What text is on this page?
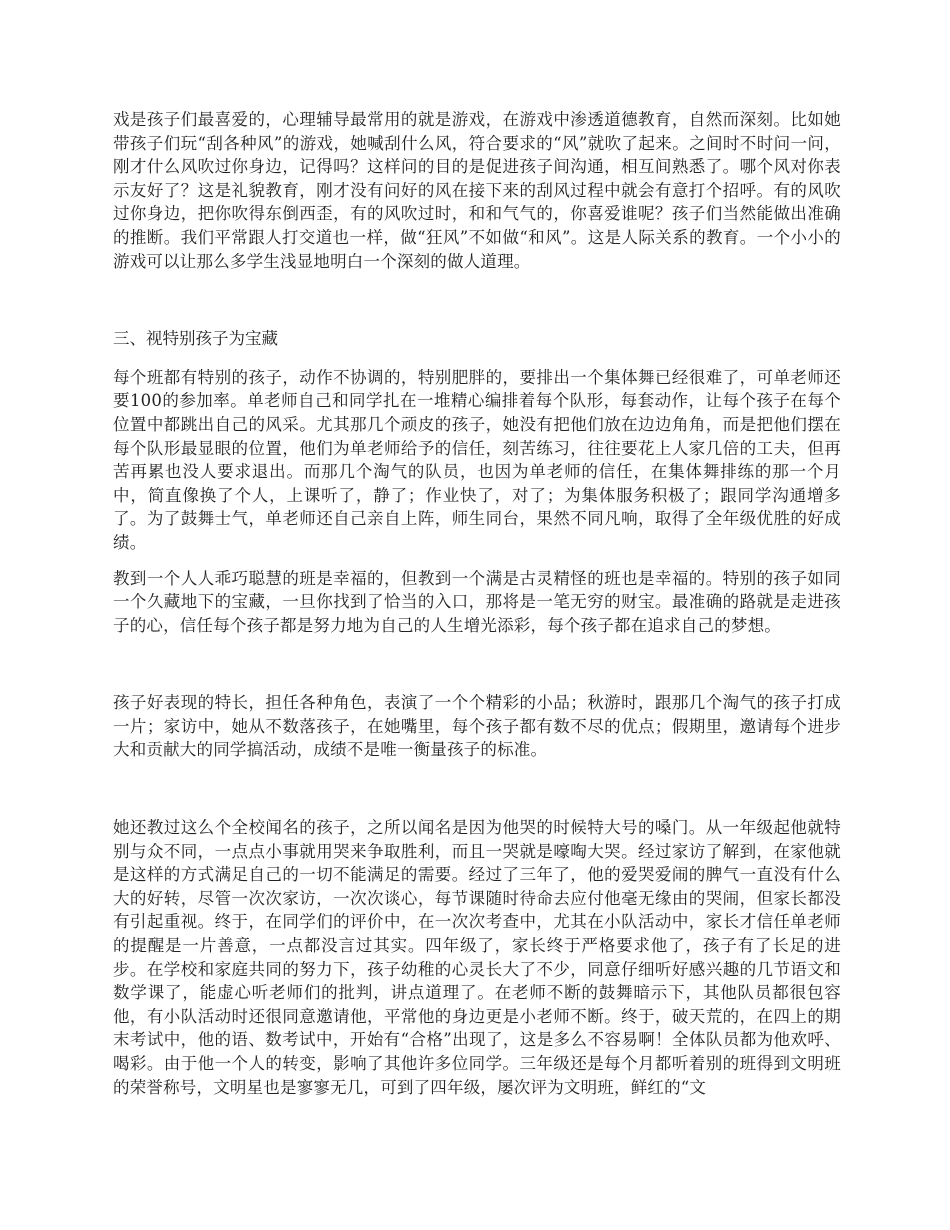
戏是孩子们最喜爱的，心理辅导最常用的就是游戏，在游戏中渗透道德教育，自然而深刻。比如她带孩子们玩“刮各种风”的游戏，她喊刮什么风，符合要求的“风”就吹了起来。之间时不时问一问，刚才什么风吹过你身边，记得吗？这样问的目的是促进孩子间沟通，相互间熟悉了。哪个风对你表示友好了？这是礼貌教育，刚才没有问好的风在接下来的刮风过程中就会有意打个招呼。有的风吹过你身边，把你吹得东倒西歪，有的风吹过时，和和气气的，你喜爱谁呢？孩子们当然能做出准确的推断。我们平常跟人打交道也一样，做“狂风”不如做“和风”。这是人际关系的教育。一个小小的游戏可以让那么多学生浅显地明白一个深刻的做人道理。

三、视特别孩子为宝藏

每个班都有特别的孩子，动作不协调的，特别肥胖的，要排出一个集体舞已经很难了，可单老师还要100的参加率。单老师自己和同学扎在一堆精心编排着每个队形，每套动作，让每个孩子在每个位置中都跳出自己的风采。尤其那几个顽皮的孩子，她没有把他们放在边边角角，而是把他们摆在每个队形最显眼的位置，他们为单老师给予的信任，刻苦练习，往往要花上人家几倍的工夫，但再苦再累也没人要求退出。而那几个淘气的队员，也因为单老师的信任，在集体舞排练的那一个月中，简直像换了个人，上课听了，静了；作业快了，对了；为集体服务积极了；跟同学沟通增多了。为了鼓舞士气，单老师还自己亲自上阵，师生同台，果然不同凡响，取得了全年级优胜的好成绩。

教到一个人人乖巧聪慧的班是幸福的，但教到一个满是古灵精怪的班也是幸福的。特别的孩子如同一个久藏地下的宝藏，一旦你找到了恰当的入口，那将是一笔无穷的财宝。最准确的路就是走进孩子的心，信任每个孩子都是努力地为自己的人生增光添彩，每个孩子都在追求自己的梦想。

孩子好表现的特长，担任各种角色，表演了一个个精彩的小品；秋游时，跟那几个淘气的孩子打成一片；家访中，她从不数落孩子，在她嘴里，每个孩子都有数不尽的优点；假期里，邀请每个进步大和贡献大的同学搞活动，成绩不是唯一衡量孩子的标准。

她还教过这么个全校闻名的孩子，之所以闻名是因为他哭的时候特大号的嗓门。从一年级起他就特别与众不同，一点点小事就用哭来争取胜利，而且一哭就是嚎啕大哭。经过家访了解到，在家他就是这样的方式满足自己的一切不能满足的需要。经过了三年了，他的爱哭爱闹的脾气一直没有什么大的好转，尽管一次次家访，一次次谈心，每节课随时待命去应付他毫无缘由的哭闹，但家长都没有引起重视。终于，在同学们的评价中，在一次次考查中，尤其在小队活动中，家长才信任单老师的提醒是一片善意，一点都没言过其实。四年级了，家长终于严格要求他了，孩子有了长足的进步。在学校和家庭共同的努力下，孩子幼稚的心灵长大了不少，同意仔细听好感兴趣的几节语文和数学课了，能虚心听老师们的批判，讲点道理了。在老师不断的鼓舞暗示下，其他队员都很包容他，有小队活动时还很同意邀请他，平常他的身边更是小老师不断。终于，破天荒的，在四上的期末考试中，他的语、数考试中，开始有“合格”出现了，这是多么不容易啊！全体队员都为他欢呼、喝彩。由于他一个人的转变，影响了其他许多位同学。三年级还是每个月都听着别的班得到文明班的荣誉称号，文明星也是寥寥无几，可到了四年级，屡次评为文明班，鲜红的“文
